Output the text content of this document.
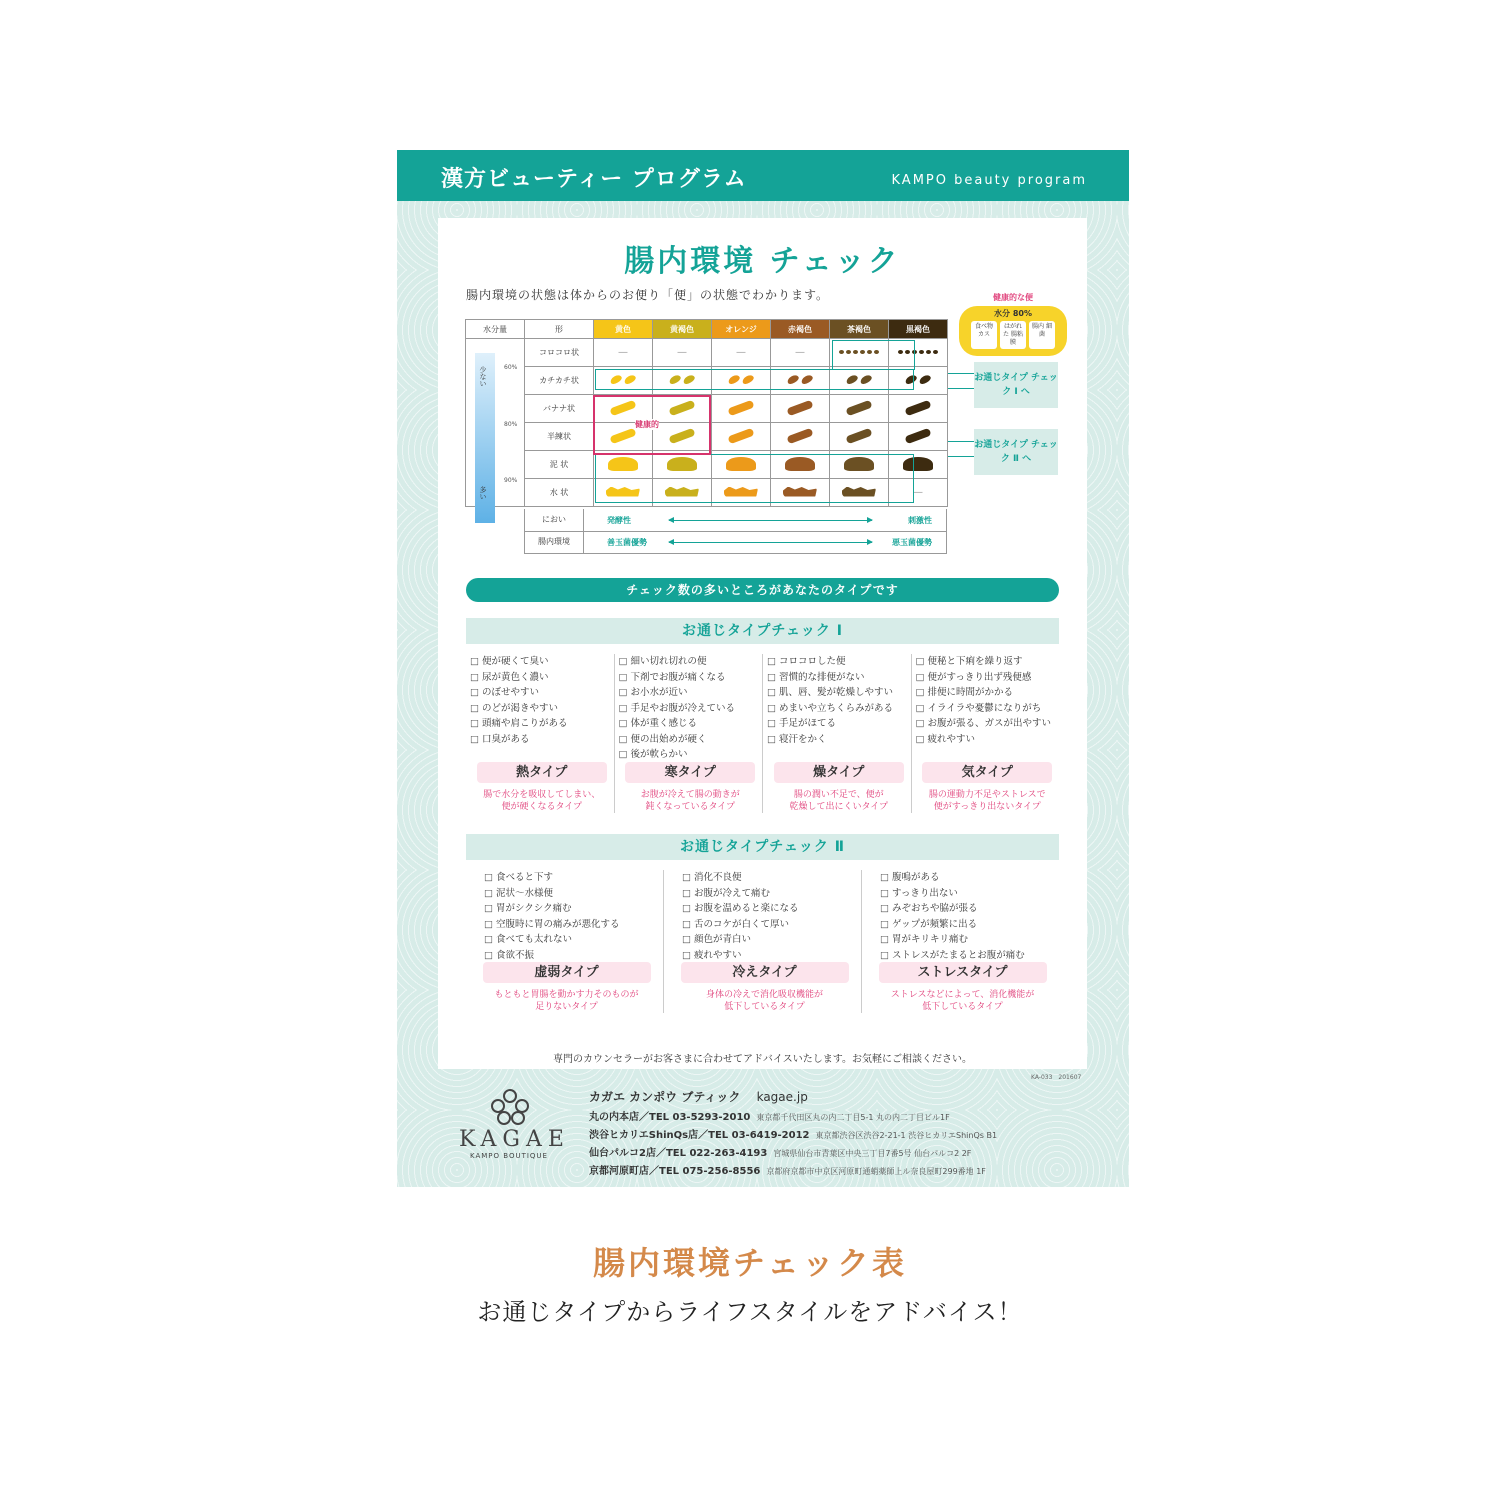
漢方ビューティー プログラム	KAMPO beauty program
腸内環境 チェック
腸内環境の状態は体からのお便り「便」の状態でわかります。	健康的な便
水分 80%
食べ物 カス
はがれた 腸粘膜
腸内 細菌
水分量	形	黄色	黄褐色	オレンジ	赤褐色	茶褐色	黒褐色
	コロコロ状	—	—	—	—		
	カチカチ状						
	バナナ状						
	半練状						
	泥 状						
	水 状						—
少ない
多い
60%
80%
90%
健康的
お通じタイプ チェック Ⅰ へ
お通じタイプ チェック Ⅱ へ
におい	発酵性	刺激性
腸内環境	善玉菌優勢	悪玉菌優勢
チェック数の多いところがあなたのタイプです
お通じタイプチェック Ⅰ
□ 便が硬くて臭い
□ 尿が黄色く濃い
□ のぼせやすい
□ のどが渇きやすい
□ 頭痛や肩こりがある
□ 口臭がある
熱タイプ
腸で水分を吸収してしまい、
便が硬くなるタイプ
□ 細い切れ切れの便
□ 下剤でお腹が痛くなる
□ お小水が近い
□ 手足やお腹が冷えている
□ 体が重く感じる
□ 便の出始めが硬く
□ 後が軟らかい
寒タイプ
お腹が冷えて腸の動きが
鈍くなっているタイプ
□ コロコロした便
□ 習慣的な排便がない
□ 肌、唇、髪が乾燥しやすい
□ めまいや立ちくらみがある
□ 手足がほてる
□ 寝汗をかく
燥タイプ
腸の潤い不足で、便が
乾燥して出にくいタイプ
□ 便秘と下痢を繰り返す
□ 便がすっきり出ず残便感
□ 排便に時間がかかる
□ イライラや憂鬱になりがち
□ お腹が張る、ガスが出やすい
□ 疲れやすい
気タイプ
腸の運動力不足やストレスで
便がすっきり出ないタイプ
お通じタイプチェック Ⅱ
□ 食べると下す
□ 泥状～水様便
□ 胃がシクシク痛む
□ 空腹時に胃の痛みが悪化する
□ 食べても太れない
□ 食欲不振
虚弱タイプ
もともと胃腸を動かす力そのものが
足りないタイプ
□ 消化不良便
□ お腹が冷えて痛む
□ お腹を温めると楽になる
□ 舌のコケが白くて厚い
□ 顔色が青白い
□ 疲れやすい
冷えタイプ
身体の冷えで消化吸収機能が
低下しているタイプ
□ 腹鳴がある
□ すっきり出ない
□ みぞおちや脇が張る
□ ゲップが頻繁に出る
□ 胃がキリキリ痛む
□ ストレスがたまるとお腹が痛む
ストレスタイプ
ストレスなどによって、消化機能が
低下しているタイプ
専門のカウンセラーがお客さまに合わせてアドバイスいたします。お気軽にご相談ください。
KA-033　201607
KAGAE
KAMPO BOUTIQUE
カガエ カンポウ ブティック kagae.jp
丸の内本店／TEL 03-5293-2010 東京都千代田区丸の内二丁目5-1 丸の内二丁目ビル1F
渋谷ヒカリエShinQs店／TEL 03-6419-2012 東京都渋谷区渋谷2-21-1 渋谷ヒカリエShinQs B1
仙台パルコ2店／TEL 022-263-4193 宮城県仙台市青葉区中央三丁目7番5号 仙台パルコ2 2F
京都河原町店／TEL 075-256-8556 京都府京都市中京区河原町通蛸薬師上ル奈良屋町299番地 1F
腸内環境チェック表
お通じタイプからライフスタイルをアドバイス！
